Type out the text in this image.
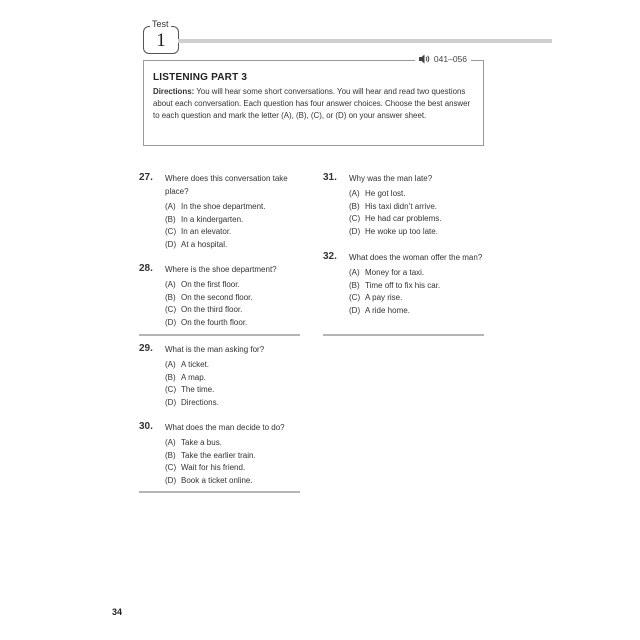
Test
1
041–056
LISTENING PART 3
Directions: You will hear some short conversations. You will hear and read two questions about each conversation. Each question has four answer choices. Choose the best answer to each question and mark the letter (A), (B), (C), or (D) on your answer sheet.
27. Where does this conversation take place?
(A) In the shoe department.
(B) In a kindergarten.
(C) In an elevator.
(D) At a hospital.
28. Where is the shoe department?
(A) On the first floor.
(B) On the second floor.
(C) On the third floor.
(D) On the fourth floor.
29. What is the man asking for?
(A) A ticket.
(B) A map.
(C) The time.
(D) Directions.
30. What does the man decide to do?
(A) Take a bus.
(B) Take the earlier train.
(C) Wait for his friend.
(D) Book a ticket online.
31. Why was the man late?
(A) He got lost.
(B) His taxi didn’t arrive.
(C) He had car problems.
(D) He woke up too late.
32. What does the woman offer the man?
(A) Money for a taxi.
(B) Time off to fix his car.
(C) A pay rise.
(D) A ride home.
34
